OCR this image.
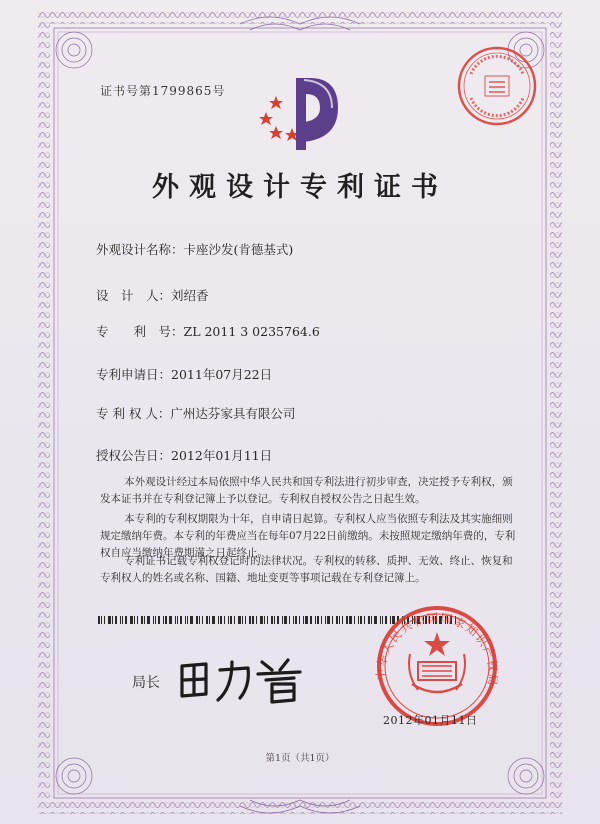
证书号第1799865号
外观设计专利证书
外观设计名称：卡座沙发(肯德基式)
设　计　人：刘绍香
专　　利　号：ZL 2011 3 0235764.6
专利申请日：2011年07月22日
专 利 权 人：广州达芬家具有限公司
授权公告日：2012年01月11日
本外观设计经过本局依照中华人民共和国专利法进行初步审查，决定授予专利权，颁发本证书并在专利登记簿上予以登记。专利权自授权公告之日起生效。
本专利的专利权期限为十年，自申请日起算。专利权人应当依照专利法及其实施细则规定缴纳年费。本专利的年费应当在每年07月22日前缴纳。未按照规定缴纳年费的，专利权自应当缴纳年费期满之日起终止。
专利证书记载专利权登记时的法律状况。专利权的转移、质押、无效、终止、恢复和专利权人的姓名或名称、国籍、地址变更等事项记载在专利登记簿上。
中华人民共和国国家知识产权局
局长
2012年01月11日
第1页（共1页）
